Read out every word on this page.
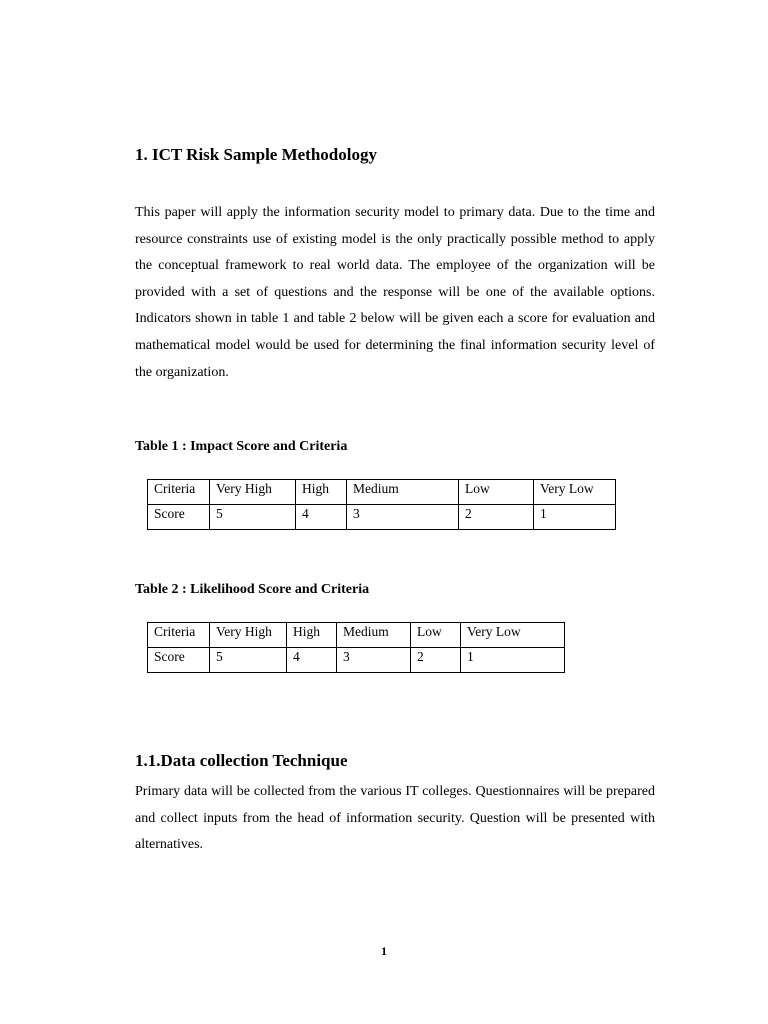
1. ICT Risk Sample Methodology

This paper will apply the information security model to primary data. Due to the time and resource constraints use of existing model is the only practically possible method to apply the conceptual framework to real world data. The employee of the organization will be provided with a set of questions and the response will be one of the available options. Indicators shown in table 1 and table 2 below will be given each a score for evaluation and mathematical model would be used for determining the final information security level of the organization.

Table 1 : Impact Score and Criteria

Criteria	Very High	High	Medium	Low	Very Low
Score	5	4	3	2	1

Table 2 : Likelihood Score and Criteria

Criteria	Very High	High	Medium	Low	Very Low
Score	5	4	3	2	1
1.1.Data collection Technique

Primary data will be collected from the various IT colleges. Questionnaires will be prepared and collect inputs from the head of information security. Question will be presented with alternatives.

1
